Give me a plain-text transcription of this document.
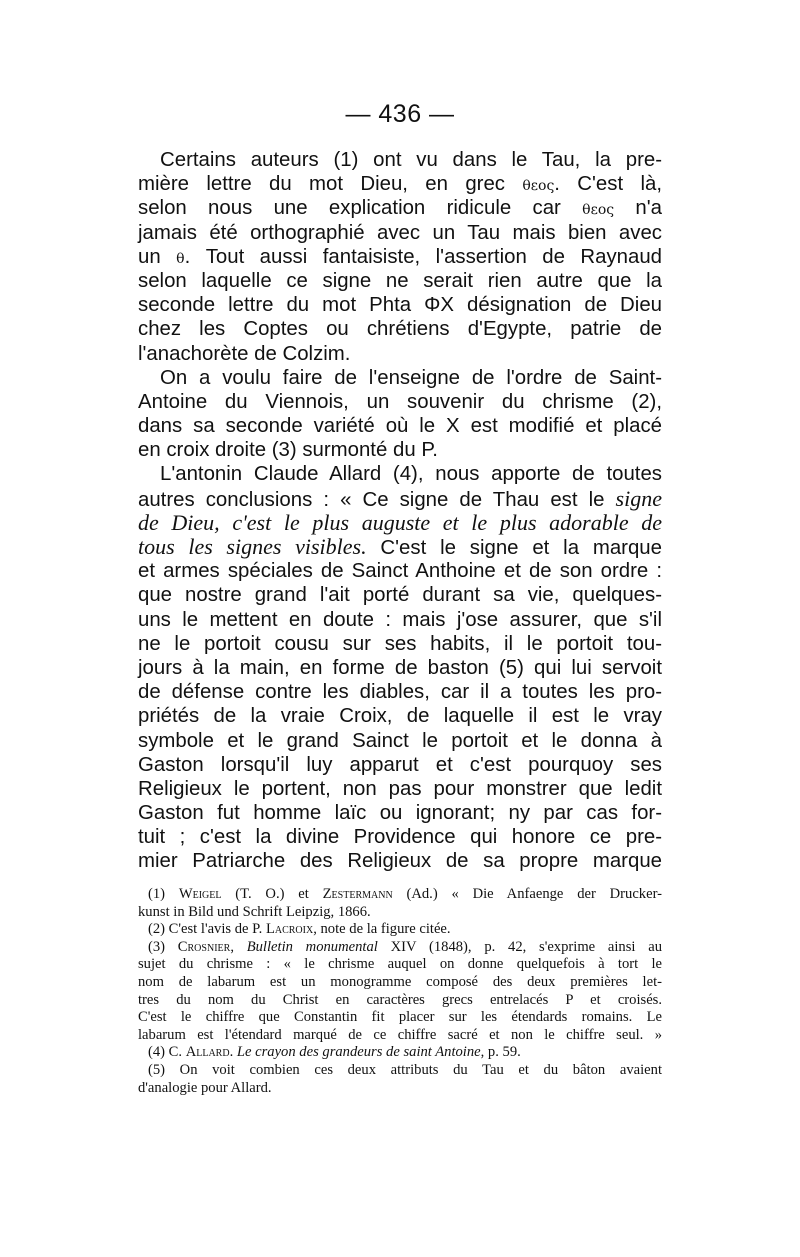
— 436 —
Certains auteurs (1) ont vu dans le Tau, la pre-
mière lettre du mot Dieu, en grec θεος. C'est là,
selon nous une explication ridicule car θεος n'a
jamais été orthographié avec un Tau mais bien avec
un θ. Tout aussi fantaisiste, l'assertion de Raynaud
selon laquelle ce signe ne serait rien autre que la
seconde lettre du mot Phta ΦX désignation de Dieu
chez les Coptes ou chrétiens d'Egypte, patrie de
l'anachorète de Colzim.
On a voulu faire de l'enseigne de l'ordre de Saint-
Antoine du Viennois, un souvenir du chrisme (2),
dans sa seconde variété où le X est modifié et placé
en croix droite (3) surmonté du P.
L'antonin Claude Allard (4), nous apporte de toutes
autres conclusions : « Ce signe de Thau est le signe
de Dieu, c'est le plus auguste et le plus adorable de
tous les signes visibles. C'est le signe et la marque
et armes spéciales de Sainct Anthoine et de son ordre :
que nostre grand l'ait porté durant sa vie, quelques-
uns le mettent en doute : mais j'ose assurer, que s'il
ne le portoit cousu sur ses habits, il le portoit tou-
jours à la main, en forme de baston (5) qui lui servoit
de défense contre les diables, car il a toutes les pro-
priétés de la vraie Croix, de laquelle il est le vray
symbole et le grand Sainct le portoit et le donna à
Gaston lorsqu'il luy apparut et c'est pourquoy ses
Religieux le portent, non pas pour monstrer que ledit
Gaston fut homme laïc ou ignorant; ny par cas for-
tuit ; c'est la divine Providence qui honore ce pre-
mier Patriarche des Religieux de sa propre marque
(1) Weigel (T. O.) et Zestermann (Ad.) « Die Anfaenge der Drucker-
kunst in Bild und Schrift Leipzig, 1866.
(2) C'est l'avis de P. Lacroix, note de la figure citée.
(3) Crosnier, Bulletin monumental XIV (1848), p. 42, s'exprime ainsi au
sujet du chrisme : « le chrisme auquel on donne quelquefois à tort le
nom de labarum est un monogramme composé des deux premières let-
tres du nom du Christ en caractères grecs entrelacés P et croisés.
C'est le chiffre que Constantin fit placer sur les étendards romains. Le
labarum est l'étendard marqué de ce chiffre sacré et non le chiffre seul. »
(4) C. Allard. Le crayon des grandeurs de saint Antoine, p. 59.
(5) On voit combien ces deux attributs du Tau et du bâton avaient
d'analogie pour Allard.
